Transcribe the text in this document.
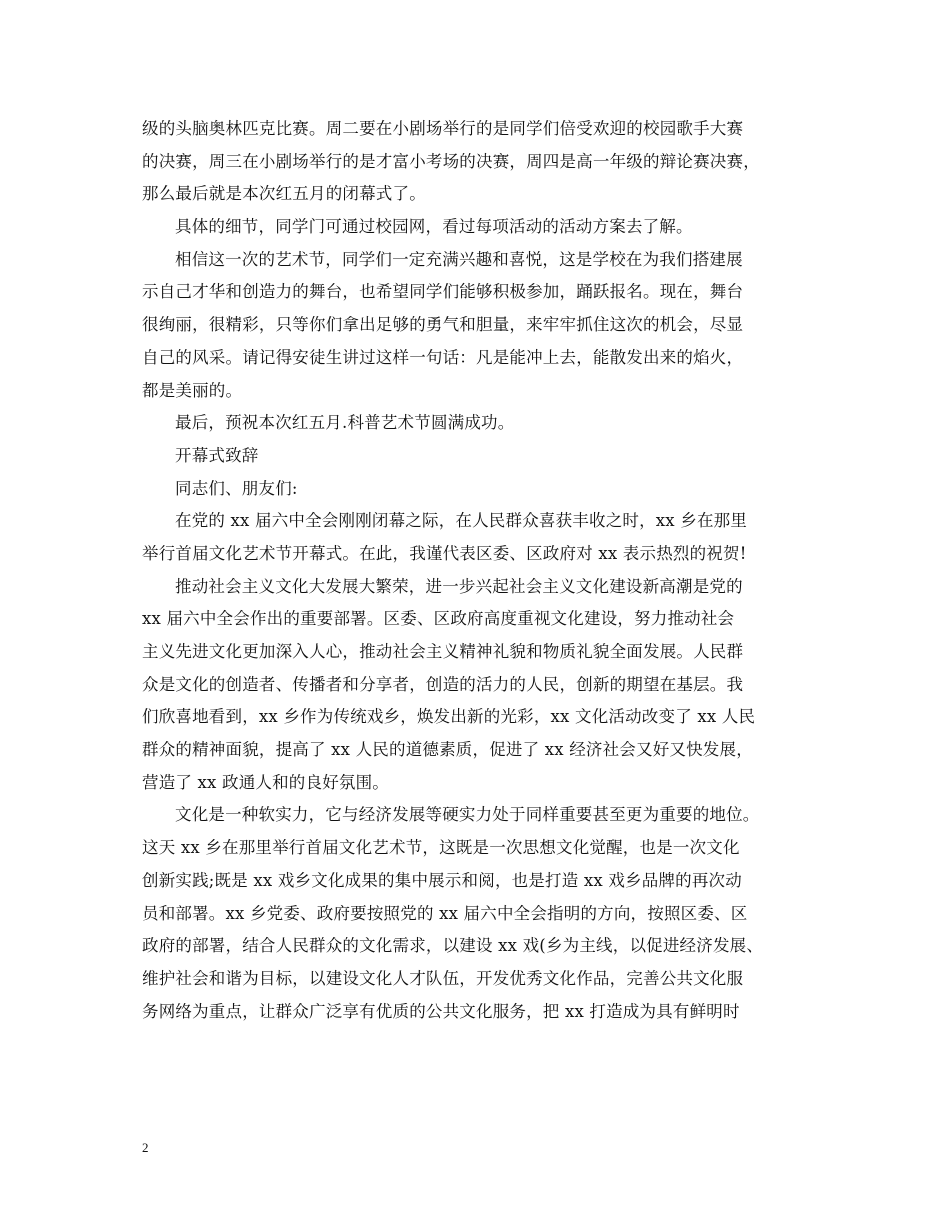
级的头脑奥林匹克比赛。周二要在小剧场举行的是同学们倍受欢迎的校园歌手大赛
的决赛，周三在小剧场举行的是才富小考场的决赛，周四是高一年级的辩论赛决赛，
那么最后就是本次红五月的闭幕式了。
具体的细节，同学门可通过校园网，看过每项活动的活动方案去了解。
相信这一次的艺术节，同学们一定充满兴趣和喜悦，这是学校在为我们搭建展
示自己才华和创造力的舞台，也希望同学们能够积极参加，踊跃报名。现在，舞台
很绚丽，很精彩，只等你们拿出足够的勇气和胆量，来牢牢抓住这次的机会，尽显
自己的风采。请记得安徒生讲过这样一句话：凡是能冲上去，能散发出来的焰火，
都是美丽的。
最后，预祝本次红五月.科普艺术节圆满成功。
开幕式致辞
同志们、朋友们:
在党的 xx 届六中全会刚刚闭幕之际，在人民群众喜获丰收之时，xx 乡在那里
举行首届文化艺术节开幕式。在此，我谨代表区委、区政府对 xx 表示热烈的祝贺!
推动社会主义文化大发展大繁荣，进一步兴起社会主义文化建设新高潮是党的
xx 届六中全会作出的重要部署。区委、区政府高度重视文化建设，努力推动社会
主义先进文化更加深入人心，推动社会主义精神礼貌和物质礼貌全面发展。人民群
众是文化的创造者、传播者和分享者，创造的活力的人民，创新的期望在基层。我
们欣喜地看到，xx 乡作为传统戏乡，焕发出新的光彩，xx 文化活动改变了 xx 人民
群众的精神面貌，提高了 xx 人民的道德素质，促进了 xx 经济社会又好又快发展，
营造了 xx 政通人和的良好氛围。
文化是一种软实力，它与经济发展等硬实力处于同样重要甚至更为重要的地位。
这天 xx 乡在那里举行首届文化艺术节，这既是一次思想文化觉醒，也是一次文化
创新实践;既是 xx 戏乡文化成果的集中展示和阅，也是打造 xx 戏乡品牌的再次动
员和部署。xx 乡党委、政府要按照党的 xx 届六中全会指明的方向，按照区委、区
政府的部署，结合人民群众的文化需求，以建设 xx 戏(乡为主线，以促进经济发展、
维护社会和谐为目标，以建设文化人才队伍，开发优秀文化作品，完善公共文化服
务网络为重点，让群众广泛享有优质的公共文化服务，把 xx 打造成为具有鲜明时
2
